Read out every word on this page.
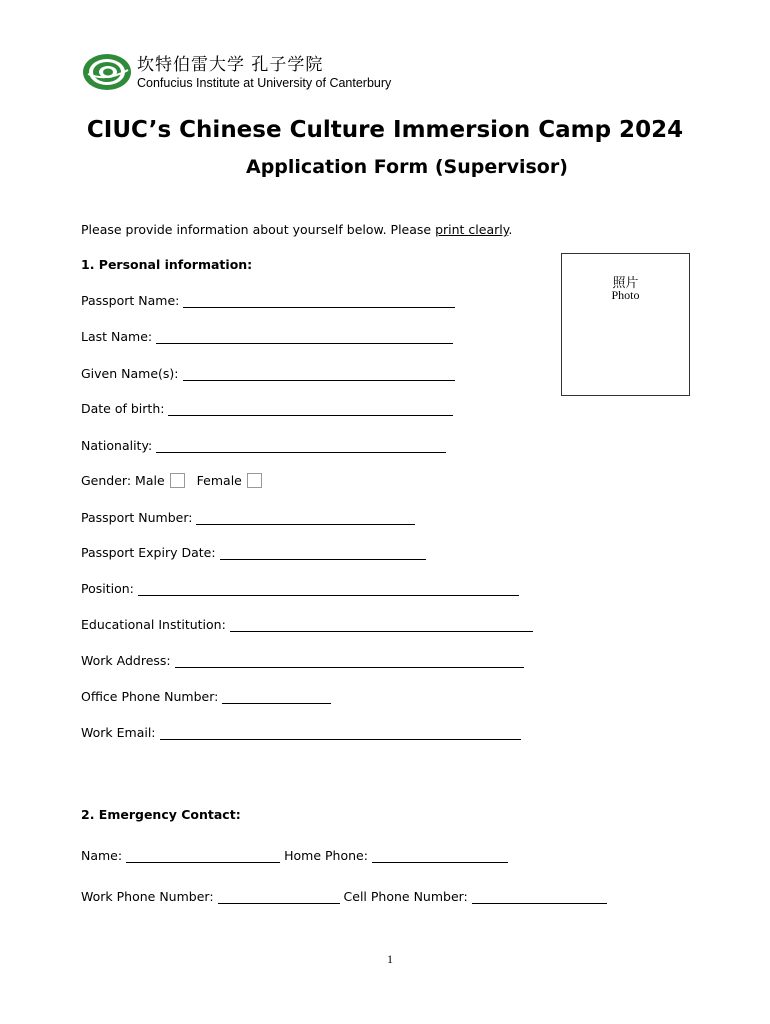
坎特伯雷大学 孔子学院
Confucius Institute at University of Canterbury
CIUC’s Chinese Culture Immersion Camp 2024
Application Form (Supervisor)
Please provide information about yourself below. Please print clearly.
照片
Photo
1. Personal information:
Passport Name:
Last Name:
Given Name(s):
Date of birth:
Nationality:
Gender:
Male	Female
Passport Number:
Passport Expiry Date:
Position:
Educational Institution:
Work Address:
Office Phone Number:
Work Email:
2. Emergency Contact:
Name:	Home Phone:
Work Phone Number:	Cell Phone Number:
1
